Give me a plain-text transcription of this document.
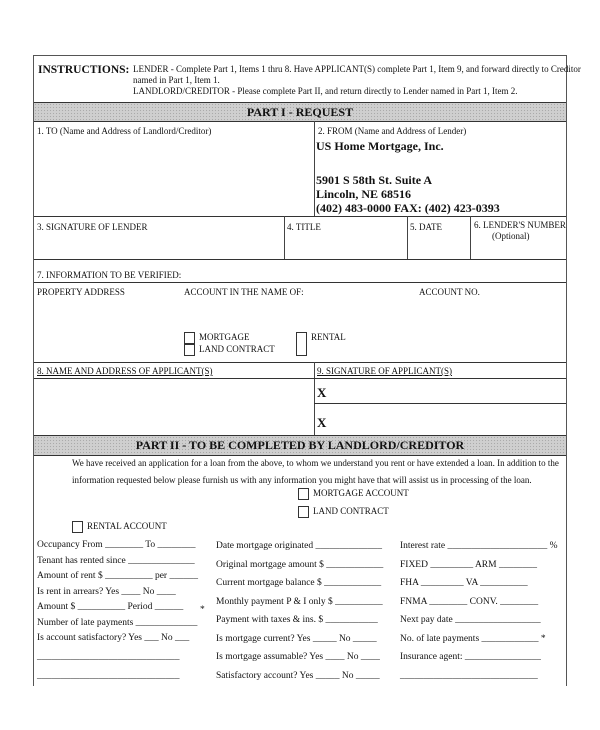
INSTRUCTIONS: LENDER - Complete Part 1, Items 1 thru 8. Have APPLICANT(S) complete Part 1, Item 9, and forward directly to Creditor
named in Part 1, Item 1.
LANDLORD/CREDITOR - Please complete Part II, and return directly to Lender named in Part 1, Item 2.
PART I - REQUEST
1. TO (Name and Address of Landlord/Creditor)	2. FROM (Name and Address of Lender)
US Home Mortgage, Inc.
5901 S 58th St. Suite A
Lincoln, NE 68516
(402) 483-0000 FAX: (402) 423-0393
3. SIGNATURE OF LENDER	4. TITLE	5. DATE	6. LENDER'S NUMBER
(Optional)
7. INFORMATION TO BE VERIFIED:
PROPERTY ADDRESS	ACCOUNT IN THE NAME OF:	ACCOUNT NO.
MORTGAGE
LAND CONTRACT
RENTAL
8. NAME AND ADDRESS OF APPLICANT(S)	9. SIGNATURE OF APPLICANT(S)
X
X
PART II - TO BE COMPLETED BY LANDLORD/CREDITOR
We have received an application for a loan from the above, to whom we understand you rent or have extended a loan. In addition to the
information requested below please furnish us with any information you might have that will assist us in processing of the loan.
MORTGAGE ACCOUNT
LAND CONTRACT
RENTAL ACCOUNT
Occupancy From ________ To ________
Tenant has rented since ______________
Amount of rent $ __________ per ______
Is rent in arrears? Yes ____ No ____
Amount $ __________ Period ______
Number of late payments _____________
Is account satisfactory? Yes ___ No ___
______________________________
______________________________
*
Date mortgage originated ______________
Original mortgage amount $ ____________
Current mortgage balance $ ____________
Monthly payment P & I only $ __________
Payment with taxes & ins. $ ___________
Is mortgage current? Yes _____ No _____
Is mortgage assumable? Yes ____ No ____
Satisfactory account? Yes _____ No _____
Interest rate _____________________ %
FIXED _________ ARM ________
FHA _________ VA __________
FNMA ________ CONV. ________
Next pay date __________________
No. of late payments ____________ *
Insurance agent: ________________
_____________________________
